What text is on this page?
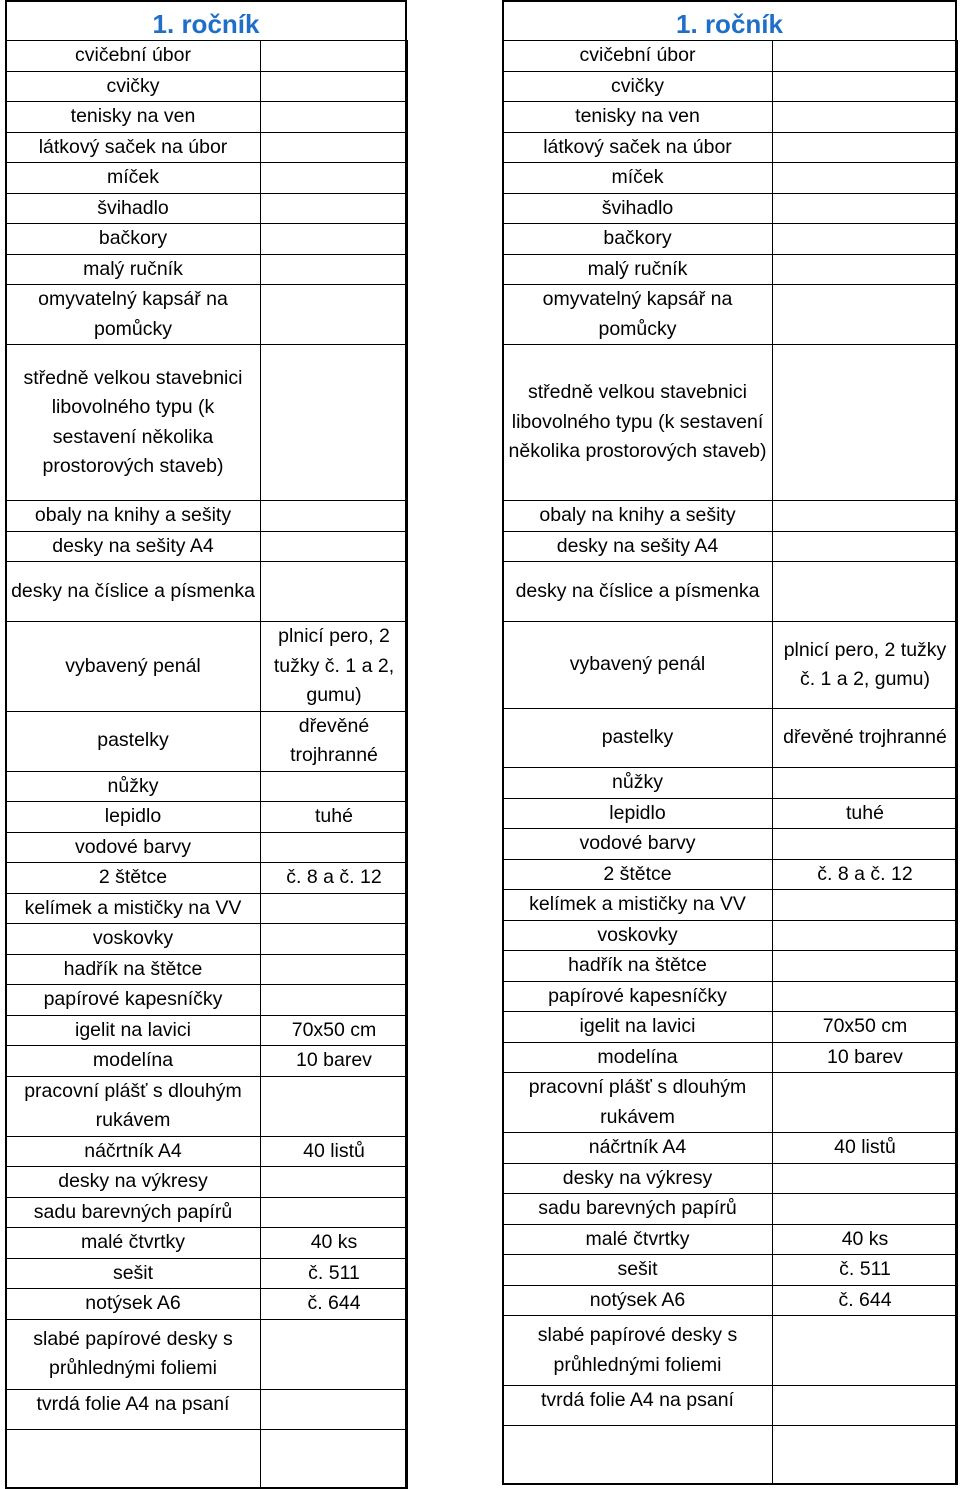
1. ročník
cvičební úbor	
cvičky	
tenisky na ven	
látkový saček na úbor	
míček	
švihadlo	
bačkory	
malý ručník	
omyvatelný kapsář na pomůcky	
středně velkou stavebnici libovolného typu (k sestavení několika prostorových staveb)	
obaly na knihy a sešity	
desky na sešity A4	
desky na číslice a písmenka	
vybavený penál	plnicí pero, 2 tužky č. 1 a 2, gumu)
pastelky	dřevěné trojhranné
nůžky	
lepidlo	tuhé
vodové barvy	
2 štětce	č. 8 a č. 12
kelímek a mističky na VV	
voskovky	
hadřík na štětce	
papírové kapesníčky	
igelit na lavici	70x50 cm
modelína	10 barev
pracovní plášť s dlouhým rukávem	
náčrtník A4	40 listů
desky na výkresy	
sadu barevných papírů	
malé čtvrtky	40 ks
sešit	č. 511
notýsek A6	č. 644
slabé papírové desky s průhlednými foliemi	
tvrdá folie A4 na psaní	

1. ročník
cvičební úbor	
cvičky	
tenisky na ven	
látkový saček na úbor	
míček	
švihadlo	
bačkory	
malý ručník	
omyvatelný kapsář na pomůcky	
středně velkou stavebnici libovolného typu (k sestavení několika prostorových staveb)	
obaly na knihy a sešity	
desky na sešity A4	
desky na číslice a písmenka	
vybavený penál	plnicí pero, 2 tužky č. 1 a 2, gumu)
pastelky	dřevěné trojhranné
nůžky	
lepidlo	tuhé
vodové barvy	
2 štětce	č. 8 a č. 12
kelímek a mističky na VV	
voskovky	
hadřík na štětce	
papírové kapesníčky	
igelit na lavici	70x50 cm
modelína	10 barev
pracovní plášť s dlouhým rukávem	
náčrtník A4	40 listů
desky na výkresy	
sadu barevných papírů	
malé čtvrtky	40 ks
sešit	č. 511
notýsek A6	č. 644
slabé papírové desky s průhlednými foliemi	
tvrdá folie A4 na psaní	
